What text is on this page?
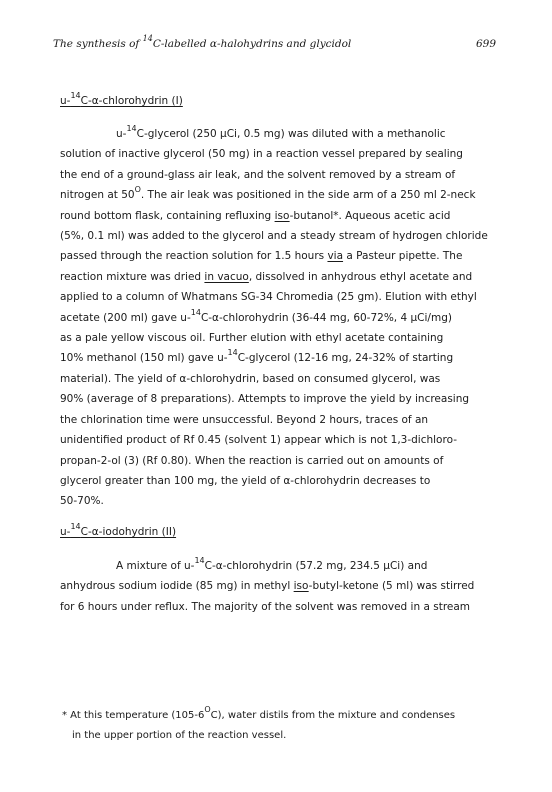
The synthesis of $^{14}$C-labelled α-halohydrins and glycidol	699
u-$^{14}$C-α-chlorohydrin (I)
u-$^{14}$C-glycerol (250 µCi, 0.5 mg) was diluted with a methanolic
solution of inactive glycerol (50 mg) in a reaction vessel prepared by sealing
the end of a ground-glass air leak, and the solvent removed by a stream of
nitrogen at $50^O$. The air leak was positioned in the side arm of a 250 ml 2-neck
round bottom flask, containing refluxing iso-butanol*. Aqueous acetic acid
(5%, 0.1 ml) was added to the glycerol and a steady stream of hydrogen chloride
passed through the reaction solution for 1.5 hours via a Pasteur pipette. The
reaction mixture was dried in vacuo, dissolved in anhydrous ethyl acetate and
applied to a column of Whatmans SG-34 Chromedia (25 gm). Elution with ethyl
acetate (200 ml) gave u-$^{14}$C-α-chlorohydrin (36-44 mg, 60-72%, 4 µCi/mg)
as a pale yellow viscous oil. Further elution with ethyl acetate containing
10% methanol (150 ml) gave u-$^{14}$C-glycerol (12-16 mg, 24-32% of starting
material). The yield of α-chlorohydrin, based on consumed glycerol, was
90% (average of 8 preparations). Attempts to improve the yield by increasing
the chlorination time were unsuccessful. Beyond 2 hours, traces of an
unidentified product of Rf 0.45 (solvent 1) appear which is not 1,3-dichloro-
propan-2-ol (3) (Rf 0.80). When the reaction is carried out on amounts of
glycerol greater than 100 mg, the yield of α-chlorohydrin decreases to
50-70%.
u-$^{14}$C-α-iodohydrin (II)
A mixture of u-$^{14}$C-α-chlorohydrin (57.2 mg, 234.5 µCi) and
anhydrous sodium iodide (85 mg) in methyl iso-butyl-ketone (5 ml) was stirred
for 6 hours under reflux. The majority of the solvent was removed in a stream
* At this temperature $(105-6^OC)$, water distils from the mixture and condenses
in the upper portion of the reaction vessel.
